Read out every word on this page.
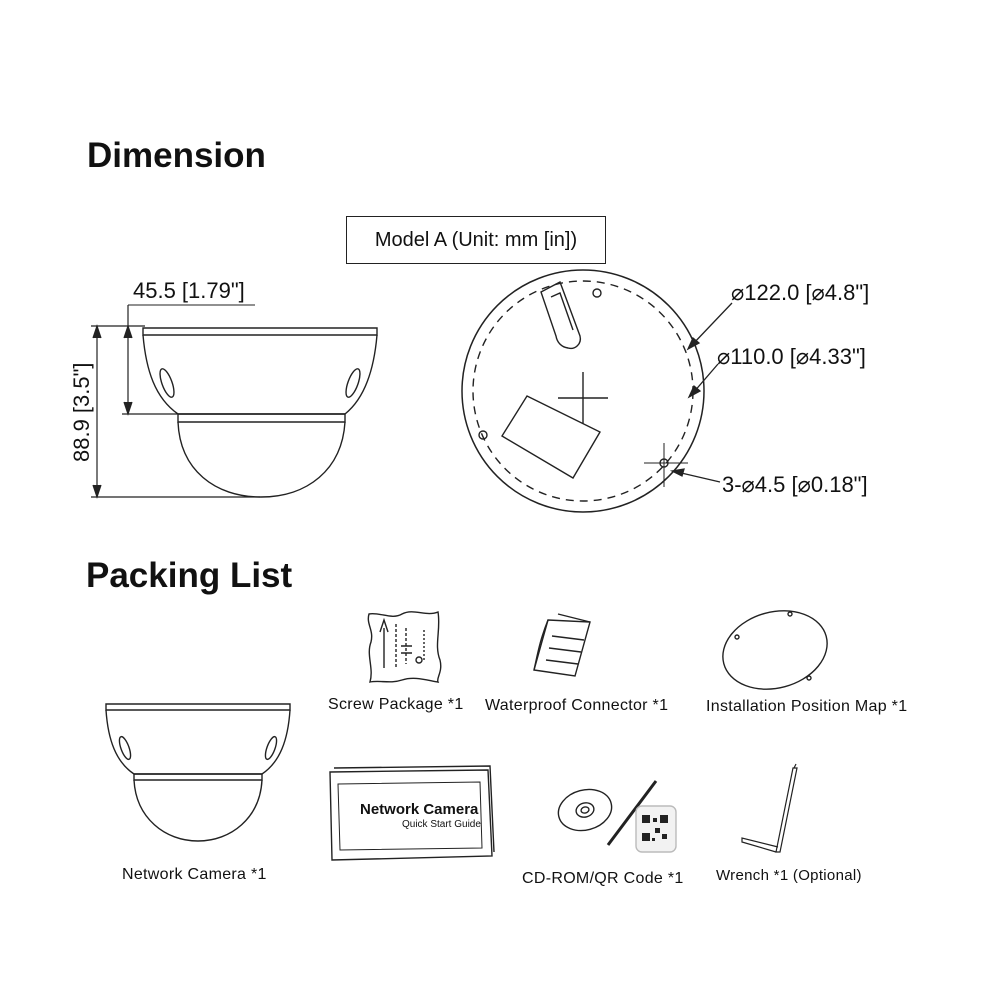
Dimension
Model A (Unit: mm [in])
45.5 [1.79"]
88.9 [3.5"]
⌀122.0 [⌀4.8"]
⌀110.0 [⌀4.33"]
3-⌀4.5 [⌀0.18"]
Packing List
Screw Package *1 Waterproof Connector *1 Installation Position Map *1
Network Camera *1	CD-ROM/QR Code *1 Wrench *1 (Optional)
Network Camera
Quick Start Guide
